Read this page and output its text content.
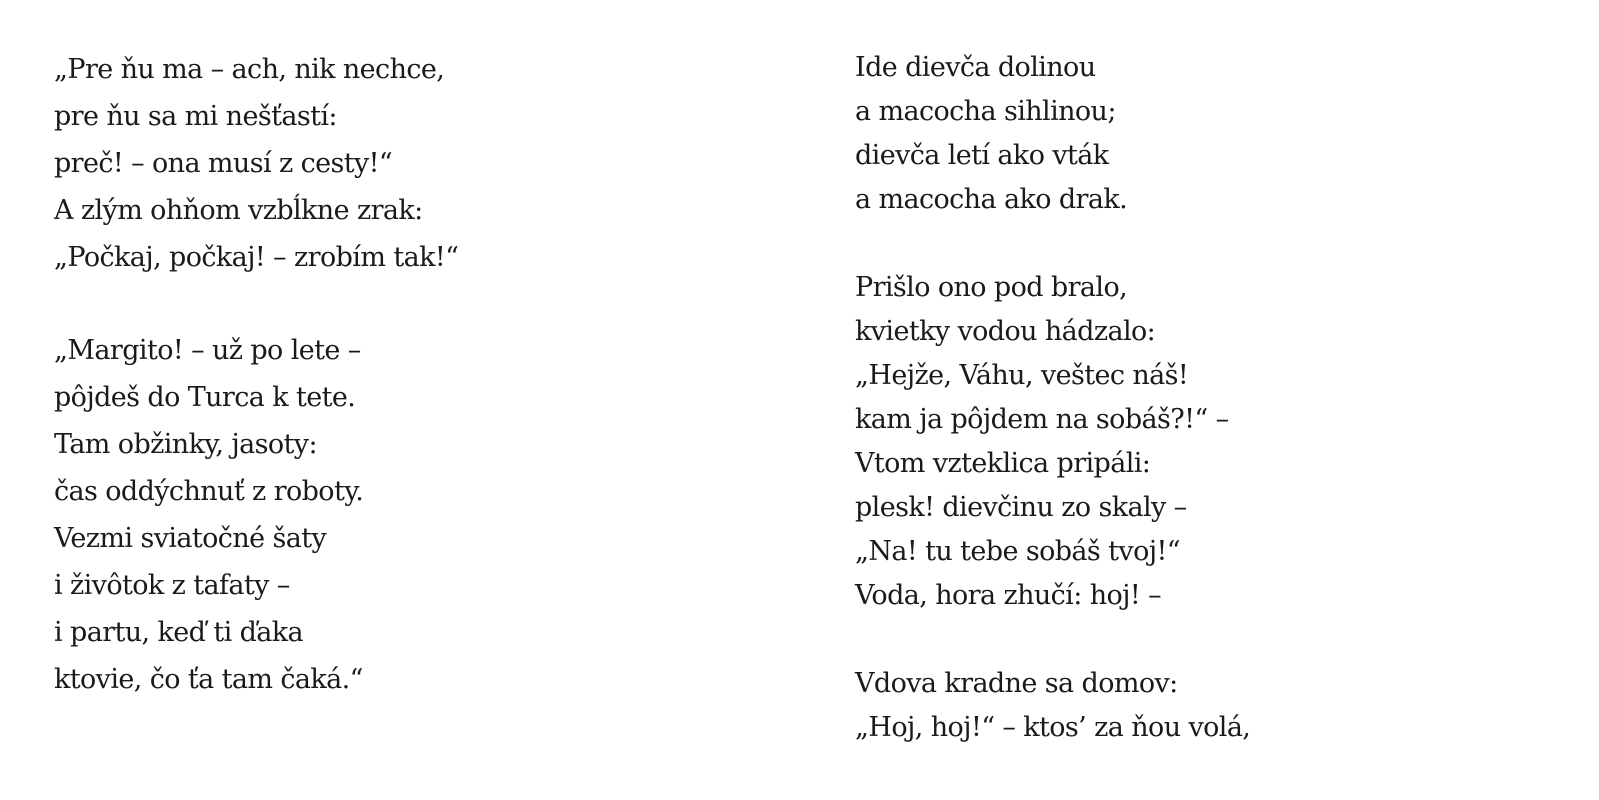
„Pre ňu ma – ach, nik nechce,
pre ňu sa mi nešťastí:
preč! – ona musí z cesty!“
A zlým ohňom vzbĺkne zrak:
„Počkaj, počkaj! – zrobím tak!“
„Margito! – už po lete –
pôjdeš do Turca k tete.
Tam obžinky, jasoty:
čas oddýchnuť z roboty.
Vezmi sviatočné šaty
i živôtok z tafaty –
i partu, keď ti ďaka
ktovie, čo ťa tam čaká.“
Ide dievča dolinou
a macocha sihlinou;
dievča letí ako vták
a macocha ako drak.
Prišlo ono pod bralo,
kvietky vodou hádzalo:
„Hejže, Váhu, veštec náš!
kam ja pôjdem na sobáš?!“ –
Vtom vzteklica pripáli:
plesk! dievčinu zo skaly –
„Na! tu tebe sobáš tvoj!“
Voda, hora zhučí: hoj! –
Vdova kradne sa domov:
„Hoj, hoj!“ – ktos’ za ňou volá,
